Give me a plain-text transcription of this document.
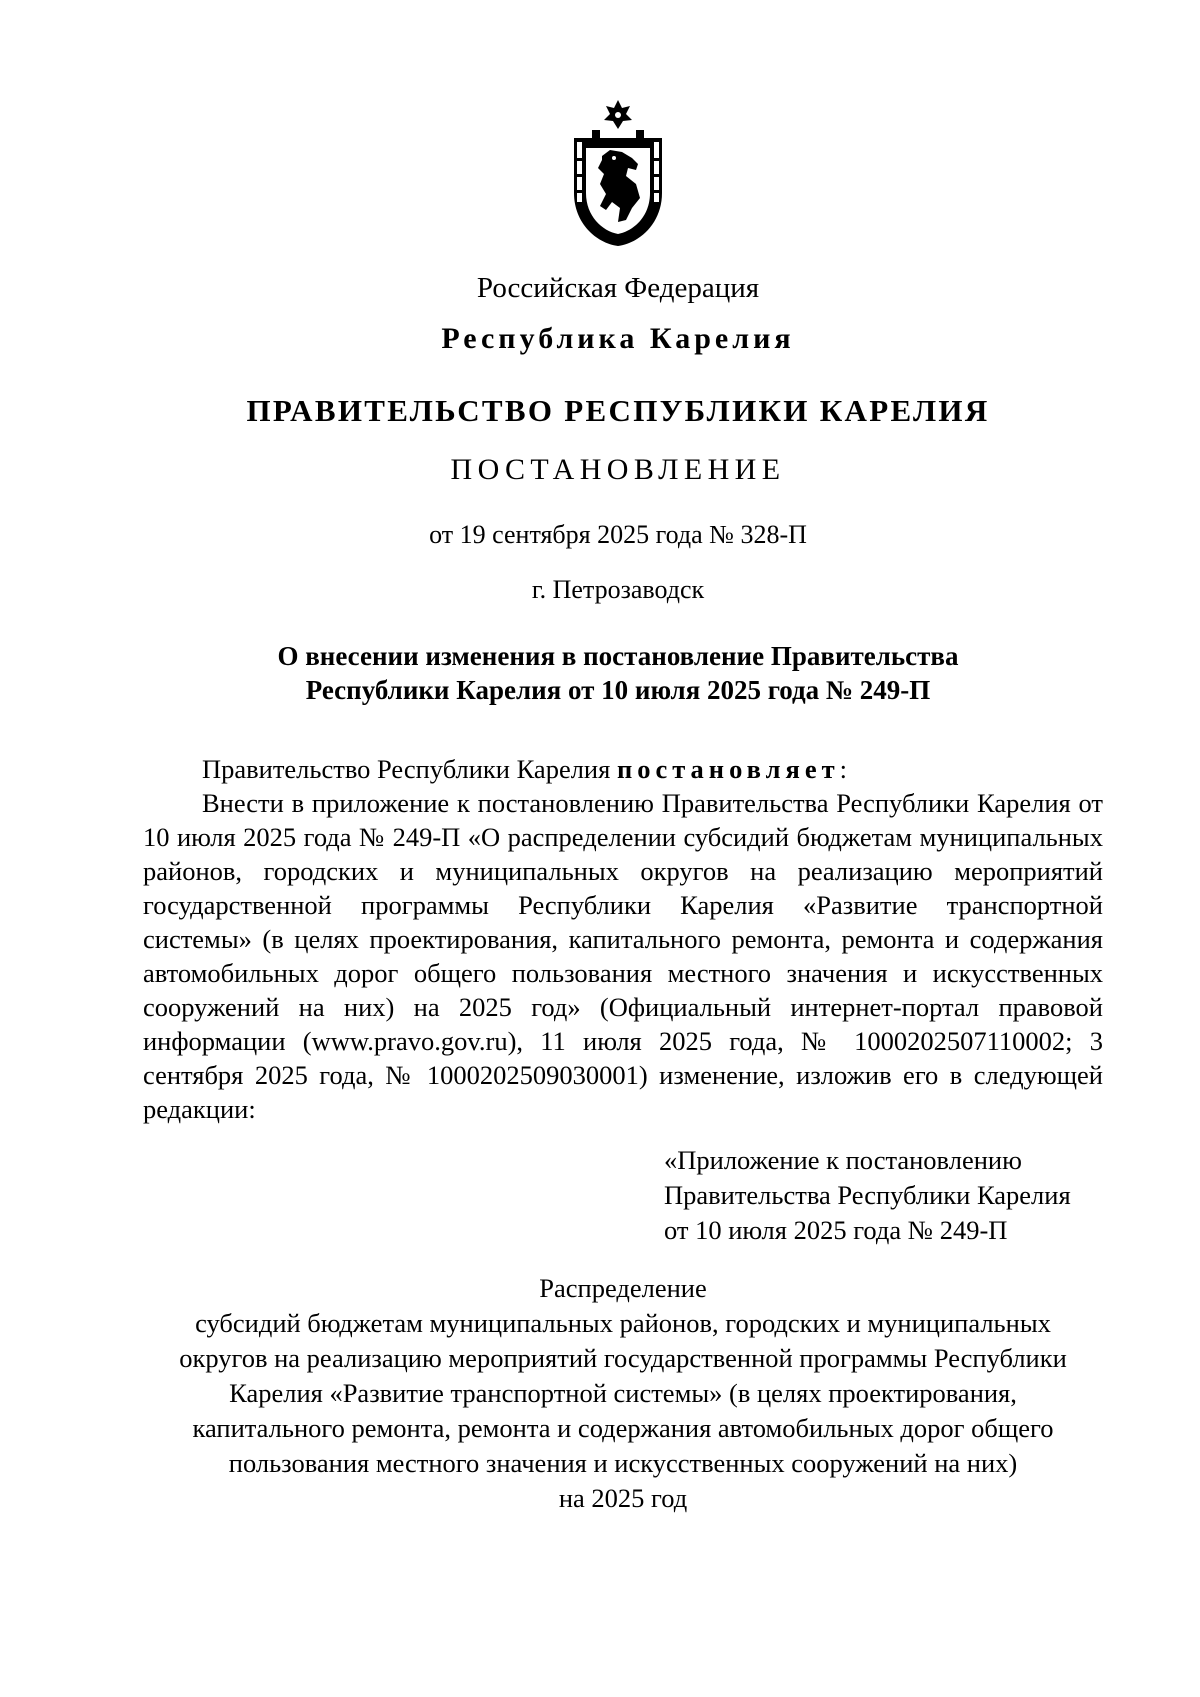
Российская Федерация
Республика Карелия
ПРАВИТЕЛЬСТВО РЕСПУБЛИКИ КАРЕЛИЯ
ПОСТАНОВЛЕНИЕ
от 19 сентября 2025 года № 328-П
г. Петрозаводск
О внесении изменения в постановление Правительства
Республики Карелия от 10 июля 2025 года № 249-П
Правительство Республики Карелия постановляет:
Внести в приложение к постановлению Правительства Республики Карелия от 10 июля 2025 года № 249-П «О распределении субсидий бюджетам муниципальных районов, городских и муниципальных округов на реализацию мероприятий государственной программы Республики Карелия «Развитие транспортной системы» (в целях проектирования, капитального ремонта, ремонта и содержания автомобильных дорог общего пользования местного значения и искусственных сооружений на них) на 2025 год» (Официальный интернет-портал правовой информации (www.pravo.gov.ru), 11 июля 2025 года, № 1000202507110002; 3 сентября 2025 года, № 1000202509030001) изменение, изложив его в следующей редакции:
«Приложение к постановлению
Правительства Республики Карелия
от 10 июля 2025 года № 249-П
Распределение
субсидий бюджетам муниципальных районов, городских и муниципальных
округов на реализацию мероприятий государственной программы Республики
Карелия «Развитие транспортной системы» (в целях проектирования,
капитального ремонта, ремонта и содержания автомобильных дорог общего
пользования местного значения и искусственных сооружений на них)
на 2025 год
